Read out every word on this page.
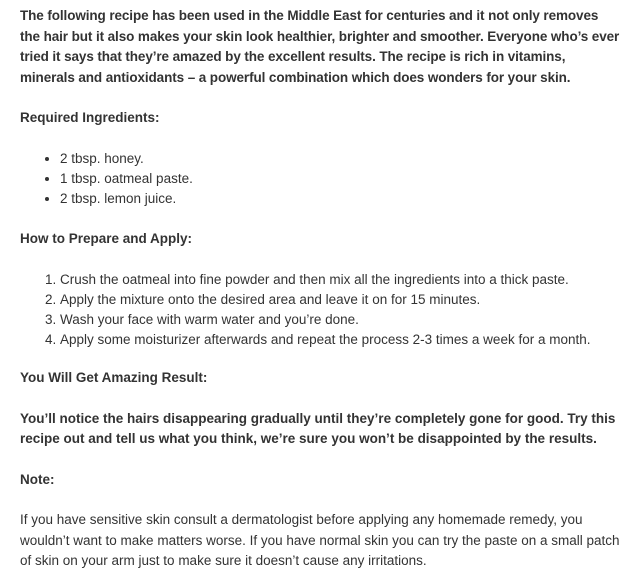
The following recipe has been used in the Middle East for centuries and it not only removes the hair but it also makes your skin look healthier, brighter and smoother. Everyone who’s ever tried it says that they’re amazed by the excellent results. The recipe is rich in vitamins, minerals and antioxidants – a powerful combination which does wonders for your skin.

Required Ingredients:

• 2 tbsp. honey.
• 1 tbsp. oatmeal paste.
• 2 tbsp. lemon juice.

How to Prepare and Apply:

1. Crush the oatmeal into fine powder and then mix all the ingredients into a thick paste.
2. Apply the mixture onto the desired area and leave it on for 15 minutes.
3. Wash your face with warm water and you’re done.
4. Apply some moisturizer afterwards and repeat the process 2-3 times a week for a month.

You Will Get Amazing Result:

You’ll notice the hairs disappearing gradually until they’re completely gone for good. Try this recipe out and tell us what you think, we’re sure you won’t be disappointed by the results.

Note:

If you have sensitive skin consult a dermatologist before applying any homemade remedy, you wouldn’t want to make matters worse. If you have normal skin you can try the paste on a small patch of skin on your arm just to make sure it doesn’t cause any irritations.
